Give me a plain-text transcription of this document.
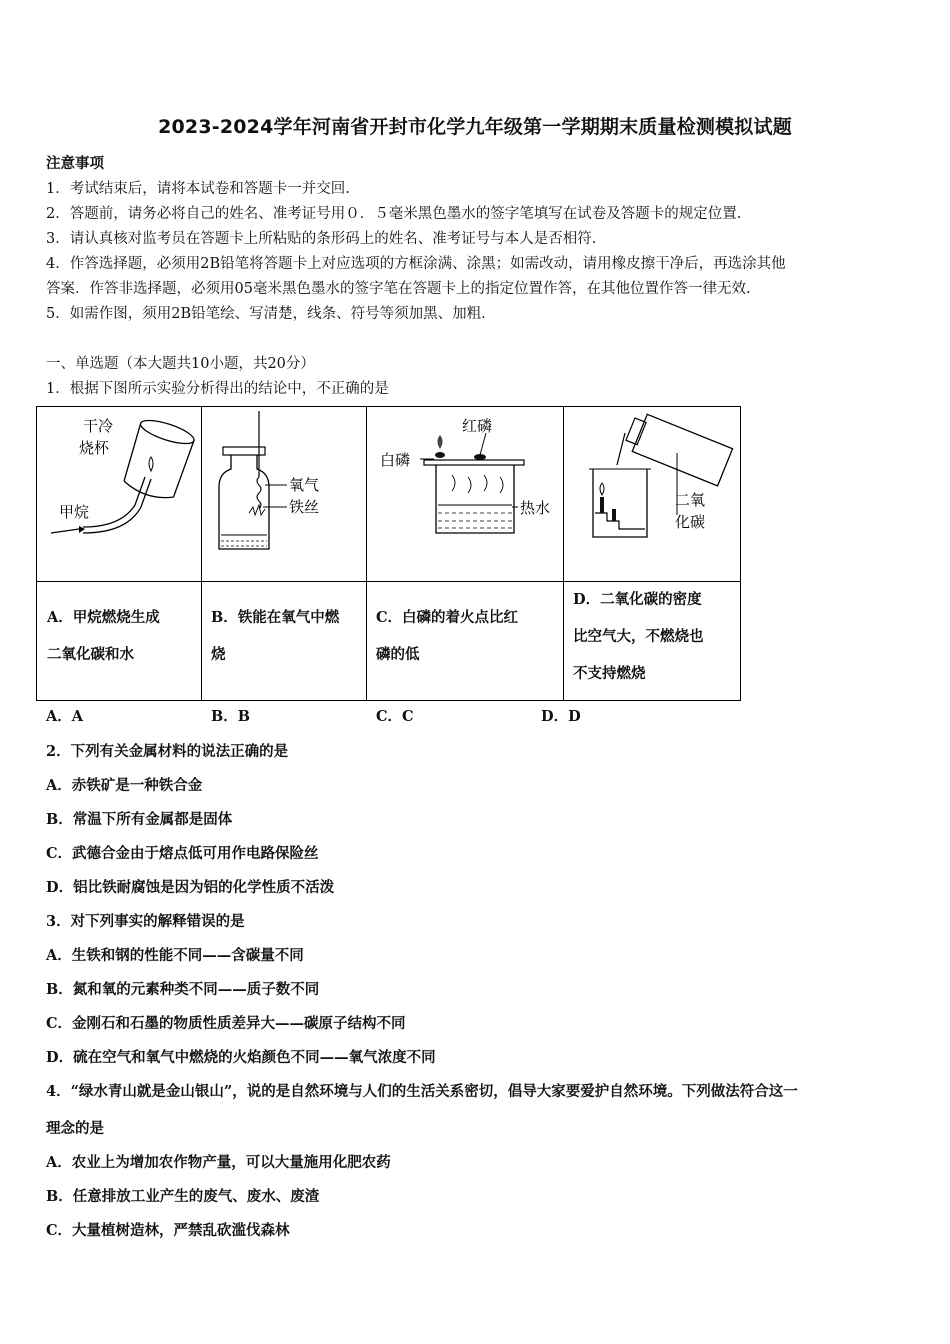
2023-2024学年河南省开封市化学九年级第一学期期末质量检测模拟试题
注意事项
1．考试结束后，请将本试卷和答题卡一并交回.
2．答题前，请务必将自己的姓名、准考证号用０．５毫米黑色墨水的签字笔填写在试卷及答题卡的规定位置.
3．请认真核对监考员在答题卡上所粘贴的条形码上的姓名、准考证号与本人是否相符.
4．作答选择题，必须用2B铅笔将答题卡上对应选项的方框涂满、涂黑；如需改动，请用橡皮擦干净后，再选涂其他
答案．作答非选择题，必须用05毫米黑色墨水的签字笔在答题卡上的指定位置作答，在其他位置作答一律无效.
5．如需作图，须用2B铅笔绘、写清楚，线条、符号等须加黑、加粗.
一、单选题（本大题共10小题，共20分）
1．根据下图所示实验分析得出的结论中，不正确的是
干冷
烧杯
甲烷
氧气
铁丝
红磷
白磷
热水	二氧
化碳
A．甲烷燃烧生成
二氧化碳和水
B．铁能在氧气中燃
烧
C．白磷的着火点比红
磷的低
D．二氧化碳的密度
比空气大，不燃烧也
不支持燃烧
A．A	B．B	C．C	D．D
2．下列有关金属材料的说法正确的是
A．赤铁矿是一种铁合金
B．常温下所有金属都是固体
C．武德合金由于熔点低可用作电路保险丝
D．铝比铁耐腐蚀是因为铝的化学性质不活泼
3．对下列事实的解释错误的是
A．生铁和钢的性能不同——含碳量不同
B．氮和氧的元素种类不同——质子数不同
C．金刚石和石墨的物质性质差异大——碳原子结构不同
D．硫在空气和氧气中燃烧的火焰颜色不同——氧气浓度不同
4．“绿水青山就是金山银山”，说的是自然环境与人们的生活关系密切，倡导大家要爱护自然环境。下列做法符合这一
理念的是
A．农业上为增加农作物产量，可以大量施用化肥农药
B．任意排放工业产生的废气、废水、废渣
C．大量植树造林，严禁乱砍滥伐森林
